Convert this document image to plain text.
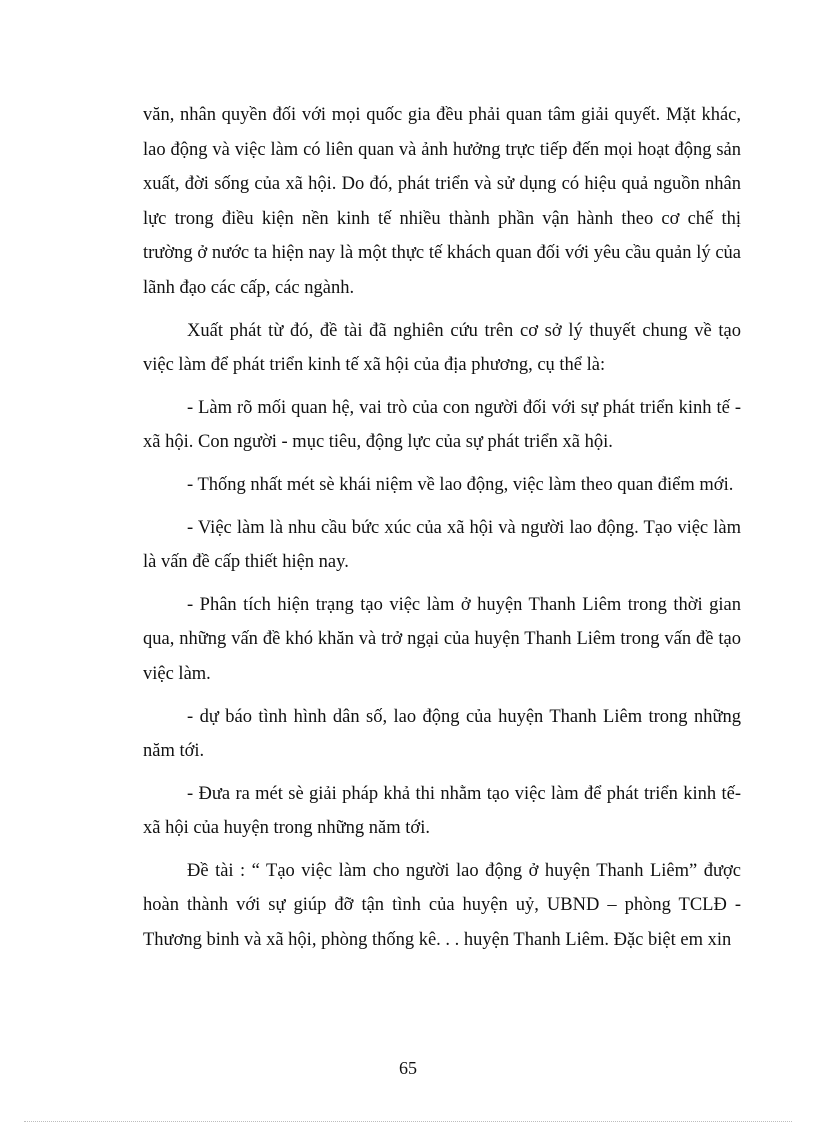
văn, nhân quyền đối với mọi quốc gia đều phải quan tâm giải quyết. Mặt khác, lao động và việc làm có liên quan và ảnh hưởng trực tiếp đến mọi hoạt động sản xuất, đời sống của xã hội. Do đó, phát triển và sử dụng có hiệu quả nguồn nhân lực trong điều kiện nền kinh tế nhiều thành phần vận hành theo cơ chế thị trường ở nước ta hiện nay là một thực tế khách quan đối với yêu cầu quản lý của lãnh đạo các cấp, các ngành.

Xuất phát từ đó, đề tài đã nghiên cứu trên cơ sở lý thuyết chung về tạo việc làm để phát triển kinh tế xã hội của địa phương, cụ thể là:

- Làm rõ mối quan hệ, vai trò của con người đối với sự phát triển kinh tế - xã hội. Con người - mục tiêu, động lực của sự phát triển xã hội.

- Thống nhất mét sè khái niệm về lao động, việc làm theo quan điểm mới.

- Việc làm là nhu cầu bức xúc của xã hội và người lao động. Tạo việc làm là vấn đề cấp thiết hiện nay.

- Phân tích hiện trạng tạo việc làm ở huyện Thanh Liêm trong thời gian qua, những vấn đề khó khăn và trở ngại của huyện Thanh Liêm trong vấn đề tạo việc làm.

- dự báo tình hình dân số, lao động của huyện Thanh Liêm trong những năm tới.

- Đưa ra mét sè giải pháp khả thi nhằm tạo việc làm để phát triển kinh tế-xã hội của huyện trong những năm tới.

Đề tài : “ Tạo việc làm cho người lao động ở huyện Thanh Liêm” được hoàn thành với sự giúp đỡ tận tình của huyện uỷ, UBND – phòng TCLĐ - Thương binh và xã hội, phòng thống kê. . . huyện Thanh Liêm. Đặc biệt em xin

65
